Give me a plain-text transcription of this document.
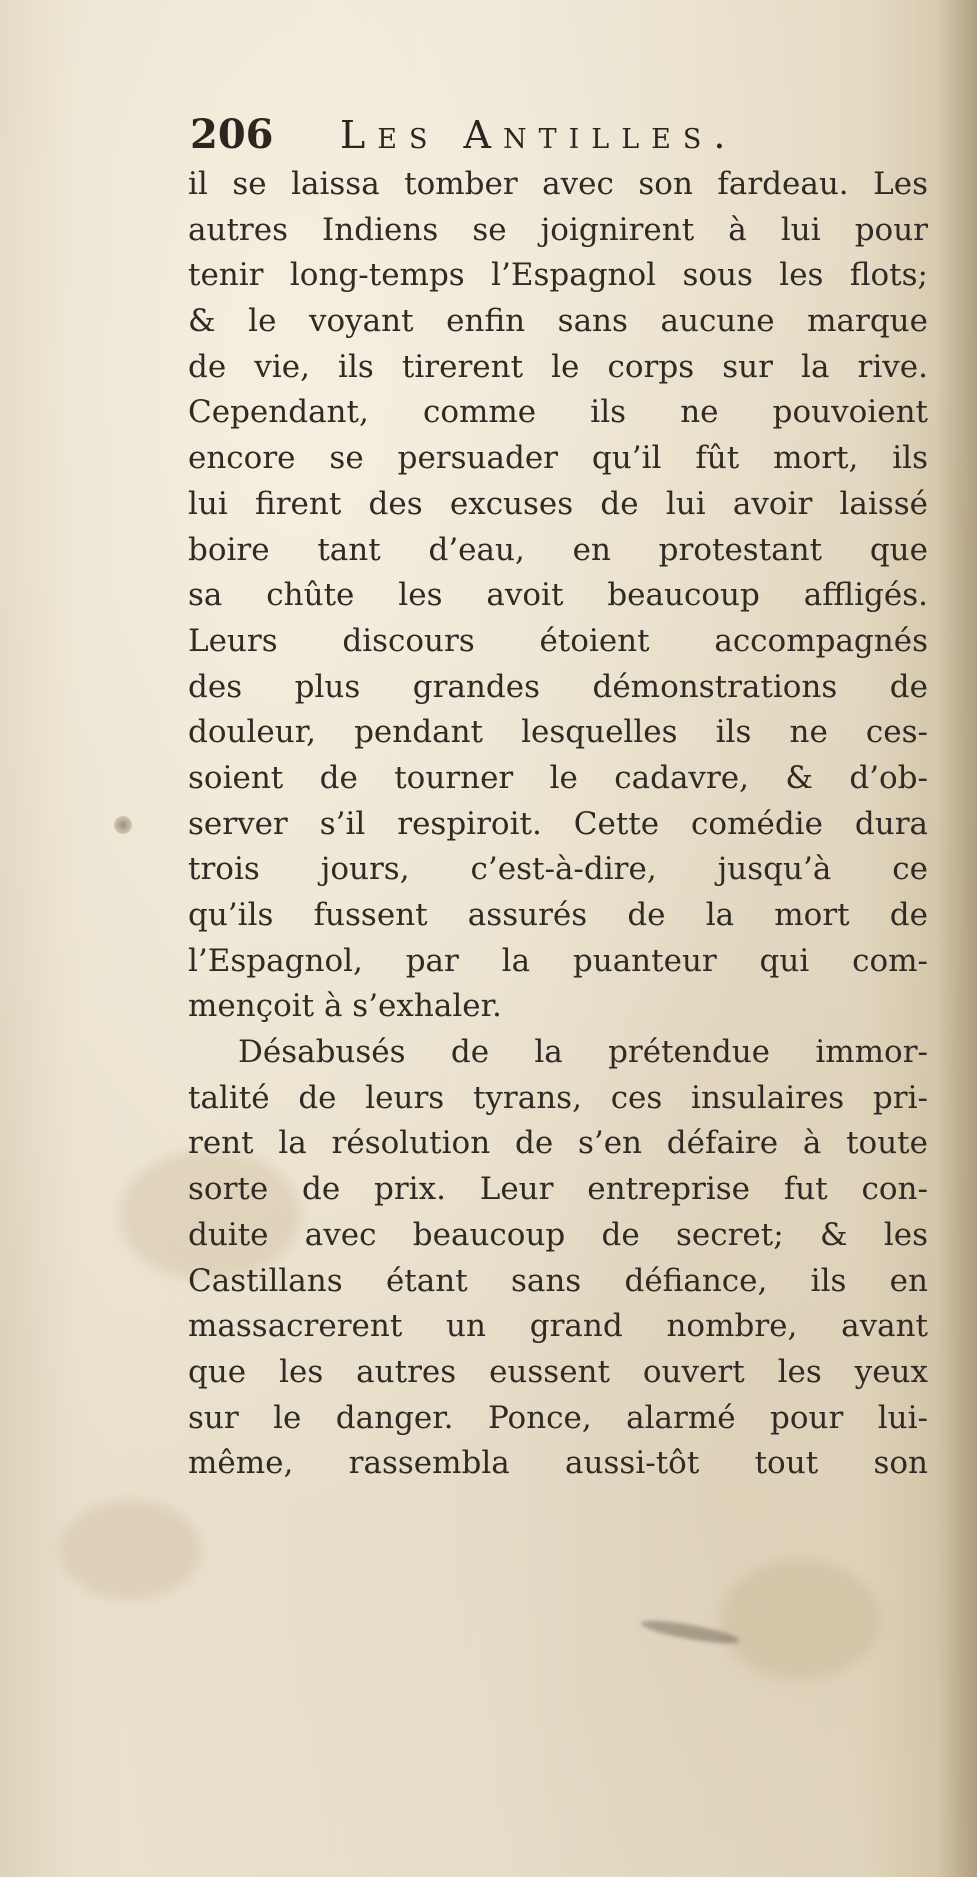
206 Les Antilles.
il se laissa tomber avec son fardeau. Les
autres Indiens se joignirent à lui pour
tenir long-temps l’Espagnol sous les flots;
& le voyant enfin sans aucune marque
de vie, ils tirerent le corps sur la rive.
Cependant, comme ils ne pouvoient
encore se persuader qu’il fût mort, ils
lui firent des excuses de lui avoir laissé
boire tant d’eau, en protestant que
sa chûte les avoit beaucoup affligés.
Leurs discours étoient accompagnés
des plus grandes démonstrations de
douleur, pendant lesquelles ils ne ces-
soient de tourner le cadavre, & d’ob-
server s’il respiroit. Cette comédie dura
trois jours, c’est-à-dire, jusqu’à ce
qu’ils fussent assurés de la mort de
l’Espagnol, par la puanteur qui com-
mençoit à s’exhaler.
Désabusés de la prétendue immor-
talité de leurs tyrans, ces insulaires pri-
rent la résolution de s’en défaire à toute
sorte de prix. Leur entreprise fut con-
duite avec beaucoup de secret; & les
Castillans étant sans défiance, ils en
massacrerent un grand nombre, avant
que les autres eussent ouvert les yeux
sur le danger. Ponce, alarmé pour lui-
même, rassembla aussi-tôt tout son
